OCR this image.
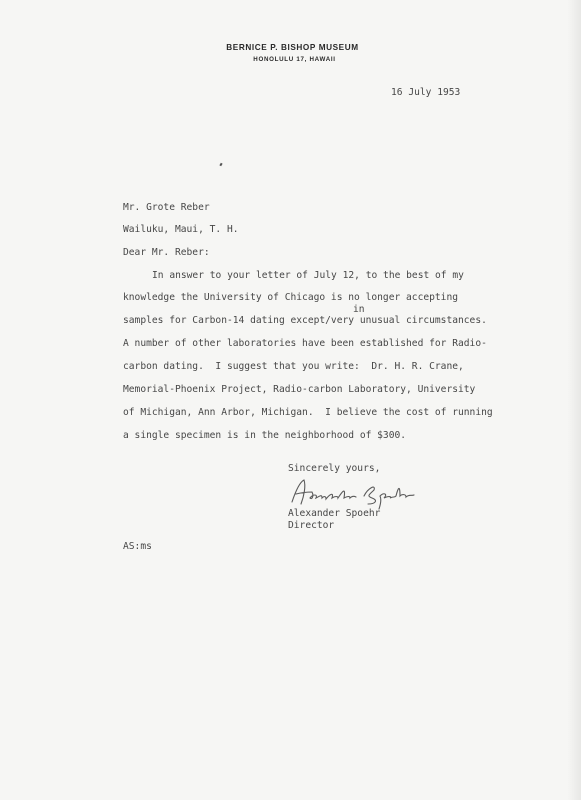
BERNICE P. BISHOP MUSEUM
HONOLULU 17, HAWAII
16 July 1953
Mr. Grote Reber
Wailuku, Maui, T. H.
Dear Mr. Reber:
In answer to your letter of July 12, to the best of my
knowledge the University of Chicago is no longer accepting
in
samples for Carbon-14 dating except/very unusual circumstances.
A number of other laboratories have been established for Radio-
carbon dating.  I suggest that you write:  Dr. H. R. Crane,
Memorial-Phoenix Project, Radio-carbon Laboratory, University
of Michigan, Ann Arbor, Michigan.  I believe the cost of running
a single specimen is in the neighborhood of $300.
Sincerely yours,
Alexander Spoehr
Director
AS:ms
